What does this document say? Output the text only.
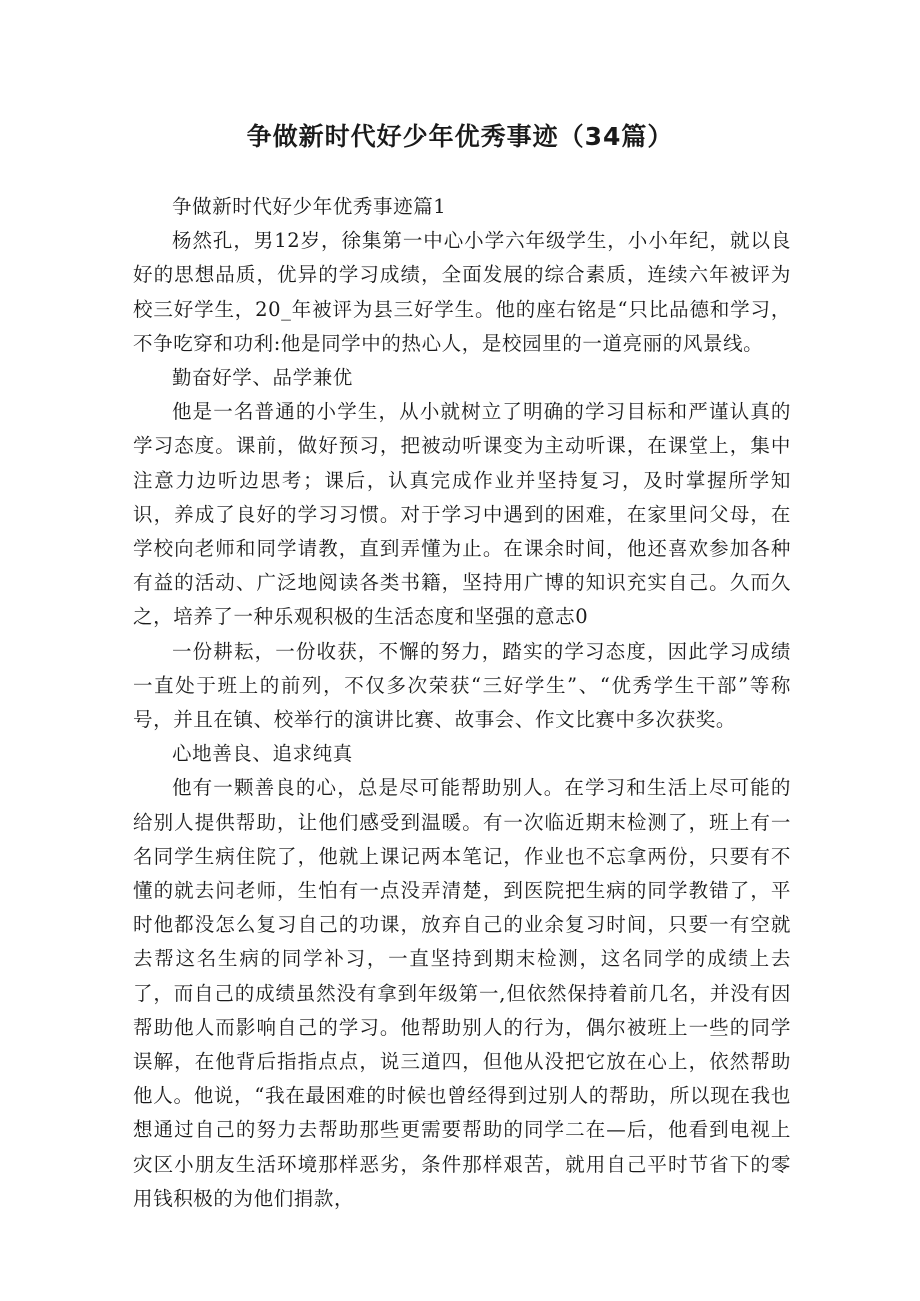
争做新时代好少年优秀事迹（34篇）

争做新时代好少年优秀事迹篇1

杨然孔，男12岁，徐集第一中心小学六年级学生，小小年纪，就以良好的思想品质，优异的学习成绩，全面发展的综合素质，连续六年被评为校三好学生，20_年被评为县三好学生。他的座右铭是“只比品德和学习，不争吃穿和功利:他是同学中的热心人，是校园里的一道亮丽的风景线。

勤奋好学、品学兼优

他是一名普通的小学生，从小就树立了明确的学习目标和严谨认真的学习态度。课前，做好预习，把被动听课变为主动听课，在课堂上，集中注意力边听边思考；课后，认真完成作业并坚持复习，及时掌握所学知识，养成了良好的学习习惯。对于学习中遇到的困难，在家里问父母，在学校向老师和同学请教，直到弄懂为止。在课余时间，他还喜欢参加各种有益的活动、广泛地阅读各类书籍，坚持用广博的知识充实自己。久而久之，培养了一种乐观积极的生活态度和坚强的意志0

一份耕耘，一份收获，不懈的努力，踏实的学习态度，因此学习成绩一直处于班上的前列，不仅多次荣获“三好学生”、“优秀学生干部”等称号，并且在镇、校举行的演讲比赛、故事会、作文比赛中多次获奖。

心地善良、追求纯真

他有一颗善良的心，总是尽可能帮助别人。在学习和生活上尽可能的给别人提供帮助，让他们感受到温暖。有一次临近期末检测了，班上有一名同学生病住院了，他就上课记两本笔记，作业也不忘拿两份，只要有不懂的就去问老师，生怕有一点没弄清楚，到医院把生病的同学教错了，平时他都没怎么复习自己的功课，放弃自己的业余复习时间，只要一有空就去帮这名生病的同学补习，一直坚持到期末检测，这名同学的成绩上去了，而自己的成绩虽然没有拿到年级第一,但依然保持着前几名，并没有因帮助他人而影响自己的学习。他帮助别人的行为，偶尔被班上一些的同学误解，在他背后指指点点，说三道四，但他从没把它放在心上，依然帮助他人。他说，“我在最困难的时候也曾经得到过别人的帮助，所以现在我也想通过自己的努力去帮助那些更需要帮助的同学二在—后，他看到电视上灾区小朋友生活环境那样恶劣，条件那样艰苦，就用自己平时节省下的零用钱积极的为他们捐款，
